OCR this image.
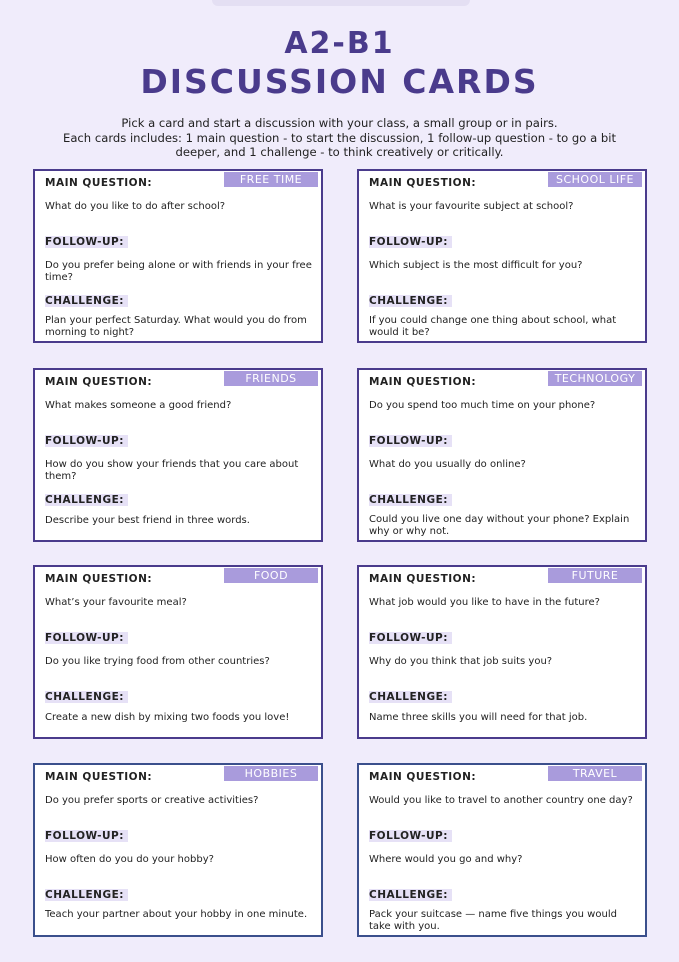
A2-B1
DISCUSSION CARDS
Pick a card and start a discussion with your class, a small group or in pairs.
Each cards includes: 1 main question - to start the discussion, 1 follow-up question - to go a bit
deeper, and 1 challenge - to think creatively or critically.
FREE TIME
MAIN QUESTION:
What do you like to do after school?
FOLLOW-UP:
Do you prefer being alone or with friends in your free time?
CHALLENGE:
Plan your perfect Saturday. What would you do from morning to night?
SCHOOL LIFE
MAIN QUESTION:
What is your favourite subject at school?
FOLLOW-UP:
Which subject is the most difficult for you?
CHALLENGE:
If you could change one thing about school, what would it be?
FRIENDS
MAIN QUESTION:
What makes someone a good friend?
FOLLOW-UP:
How do you show your friends that you care about them?
CHALLENGE:
Describe your best friend in three words.
TECHNOLOGY
MAIN QUESTION:
Do you spend too much time on your phone?
FOLLOW-UP:
What do you usually do online?
CHALLENGE:
Could you live one day without your phone? Explain why or why not.
FOOD
MAIN QUESTION:
What’s your favourite meal?
FOLLOW-UP:
Do you like trying food from other countries?
CHALLENGE:
Create a new dish by mixing two foods you love!
FUTURE
MAIN QUESTION:
What job would you like to have in the future?
FOLLOW-UP:
Why do you think that job suits you?
CHALLENGE:
Name three skills you will need for that job.
HOBBIES
MAIN QUESTION:
Do you prefer sports or creative activities?
FOLLOW-UP:
How often do you do your hobby?
CHALLENGE:
Teach your partner about your hobby in one minute.
TRAVEL
MAIN QUESTION:
Would you like to travel to another country one day?
FOLLOW-UP:
Where would you go and why?
CHALLENGE:
Pack your suitcase — name five things you would take with you.
